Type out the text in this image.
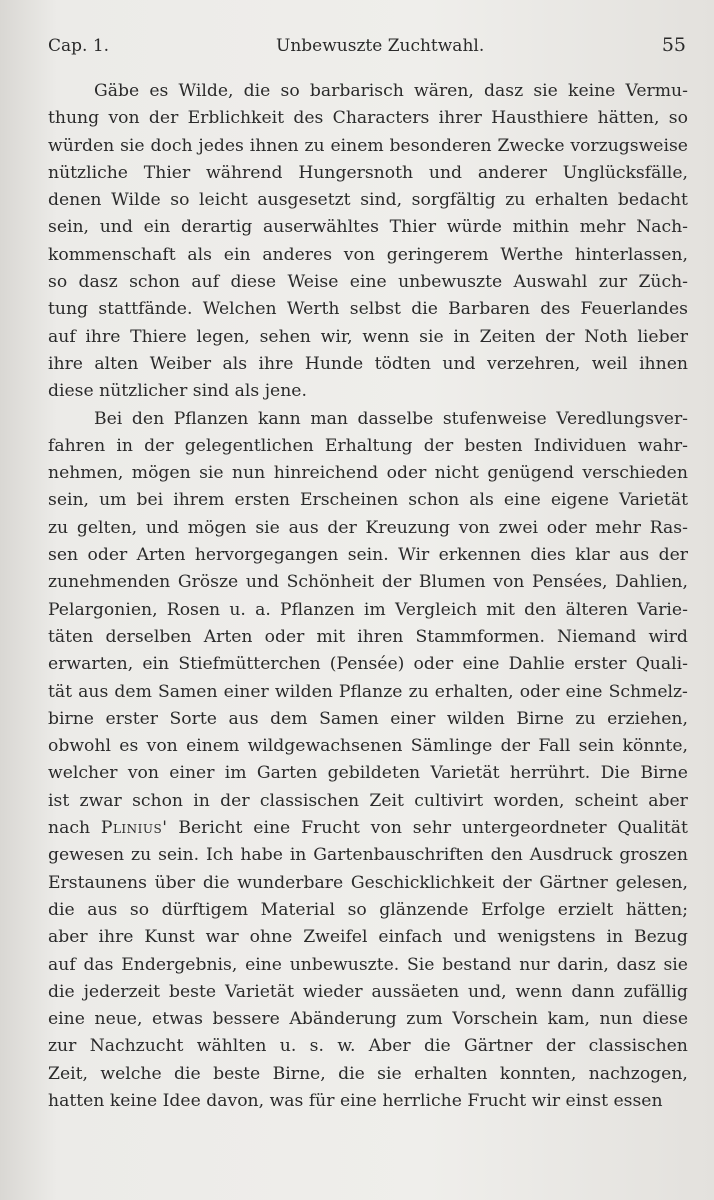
Cap. 1.	Unbewuszte Zuchtwahl.	55
Gäbe es Wilde, die so barbarisch wären, dasz sie keine Vermu-
thung von der Erblichkeit des Characters ihrer Hausthiere hätten, so
würden sie doch jedes ihnen zu einem besonderen Zwecke vorzugsweise
nützliche Thier während Hungersnoth und anderer Unglücksfälle,
denen Wilde so leicht ausgesetzt sind, sorgfältig zu erhalten bedacht
sein, und ein derartig auserwähltes Thier würde mithin mehr Nach-
kommenschaft als ein anderes von geringerem Werthe hinterlassen,
so dasz schon auf diese Weise eine unbewuszte Auswahl zur Züch-
tung stattfände. Welchen Werth selbst die Barbaren des Feuerlandes
auf ihre Thiere legen, sehen wir, wenn sie in Zeiten der Noth lieber
ihre alten Weiber als ihre Hunde tödten und verzehren, weil ihnen
diese
nützlicher
sind
als
jene.
Bei den Pflanzen kann man dasselbe stufenweise Veredlungsver-
fahren in der gelegentlichen Erhaltung der besten Individuen wahr-
nehmen, mögen sie nun hinreichend oder nicht genügend verschieden
sein, um bei ihrem ersten Erscheinen schon als eine eigene Varietät
zu gelten, und mögen sie aus der Kreuzung von zwei oder mehr Ras-
sen oder Arten hervorgegangen sein. Wir erkennen dies klar aus der
zunehmenden Grösze und Schönheit der Blumen von Pensées, Dahlien,
Pelargonien, Rosen u. a. Pflanzen im Vergleich mit den älteren Varie-
täten derselben Arten oder mit ihren Stammformen. Niemand wird
erwarten, ein Stiefmütterchen (Pensée) oder eine Dahlie erster Quali-
tät aus dem Samen einer wilden Pflanze zu erhalten, oder eine Schmelz-
birne erster Sorte aus dem Samen einer wilden Birne zu erziehen,
obwohl es von einem wildgewachsenen Sämlinge der Fall sein könnte,
welcher von einer im Garten gebildeten Varietät herrührt. Die Birne
ist zwar schon in der classischen Zeit cultivirt worden, scheint aber
nach Plinius' Bericht eine Frucht von sehr untergeordneter Qualität
gewesen zu sein. Ich habe in Gartenbauschriften den Ausdruck groszen
Erstaunens über die wunderbare Geschicklichkeit der Gärtner gelesen,
die aus so dürftigem Material so glänzende Erfolge erzielt hätten;
aber ihre Kunst war ohne Zweifel einfach und wenigstens in Bezug
auf das Endergebnis, eine unbewuszte. Sie bestand nur darin, dasz sie
die jederzeit beste Varietät wieder aussäeten und, wenn dann zufällig
eine neue, etwas bessere Abänderung zum Vorschein kam, nun diese
zur Nachzucht wählten u. s. w. Aber die Gärtner der classischen
Zeit, welche die beste Birne, die sie erhalten konnten, nachzogen,
hatten
keine
Idee
davon,
was
für
eine
herrliche
Frucht
wir
einst
essen
